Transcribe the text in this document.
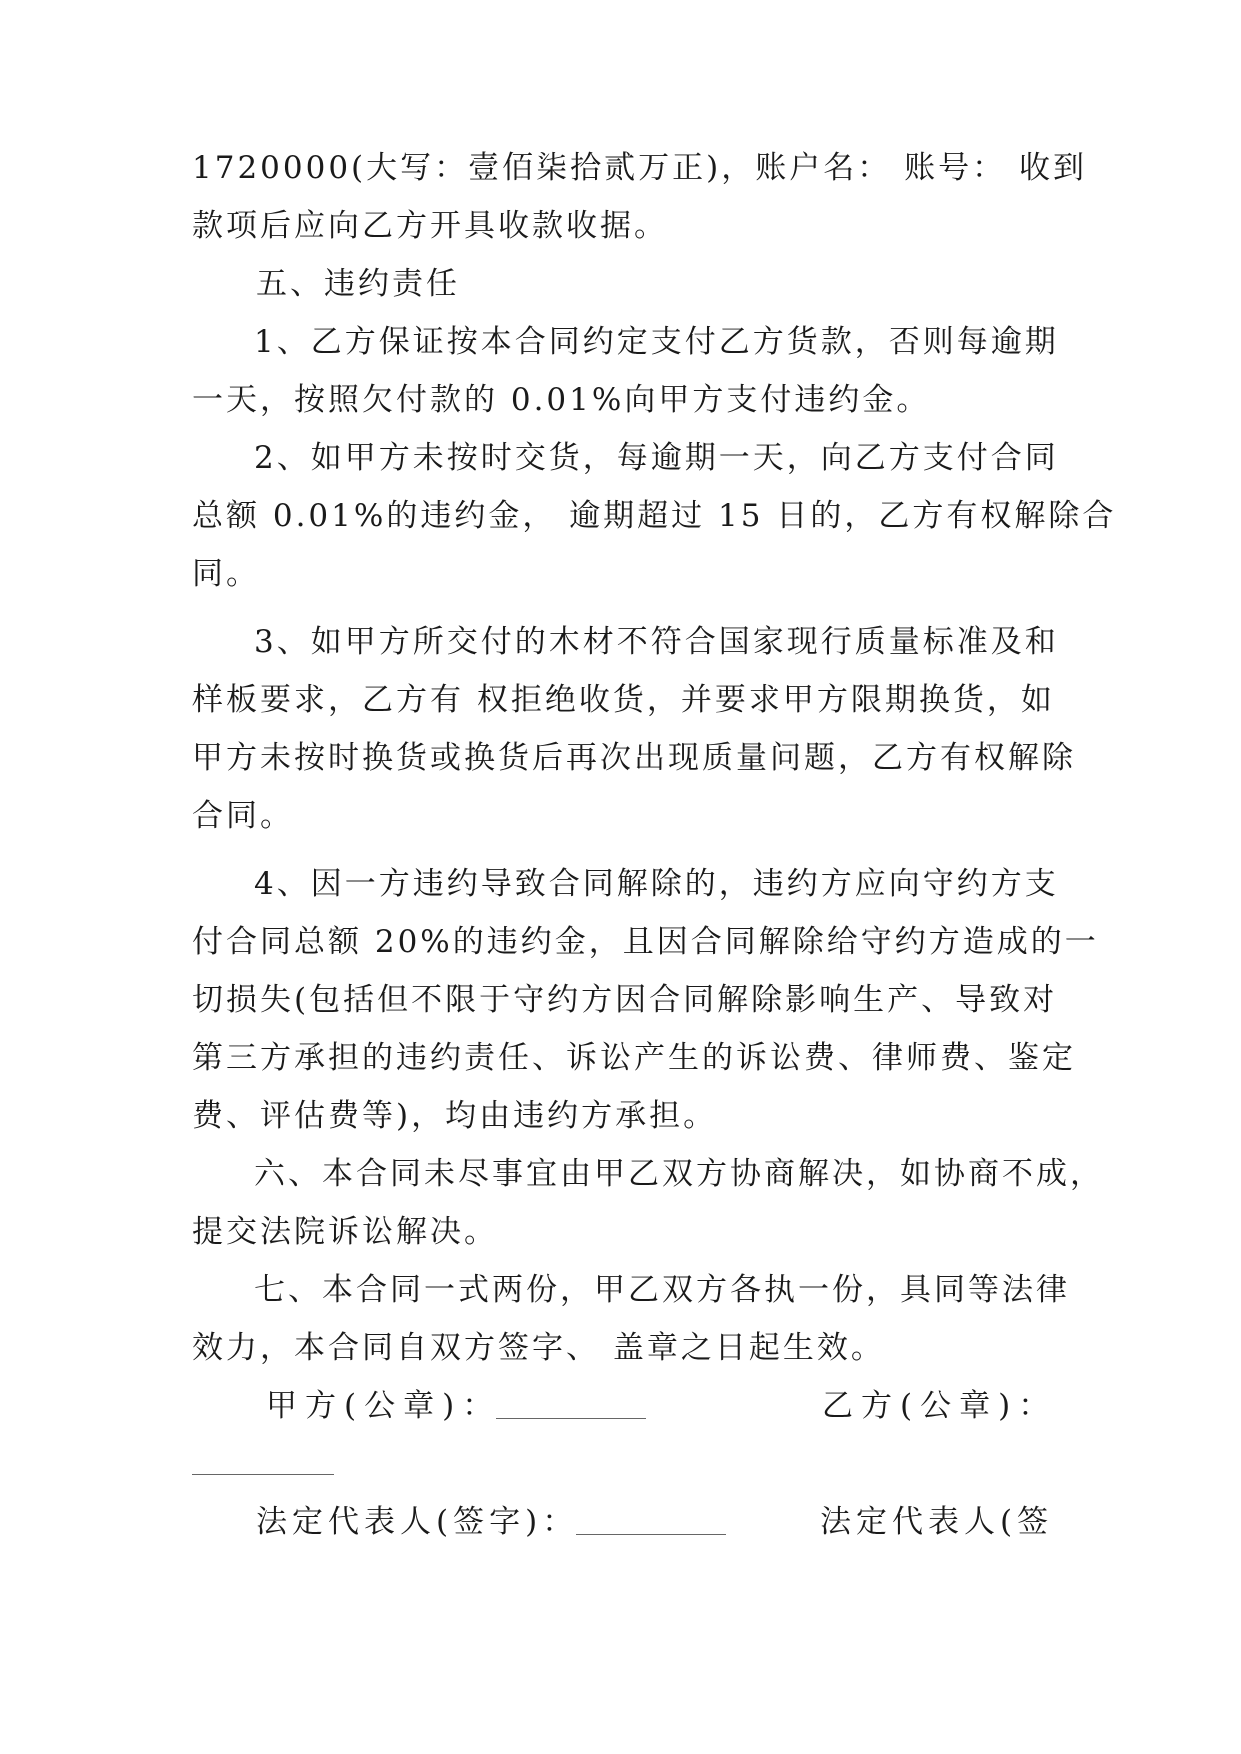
1720000(大写：壹佰柒拾贰万正)，账户名： 账号： 收到
款项后应向乙方开具收款收据。
五、违约责任
1、乙方保证按本合同约定支付乙方货款，否则每逾期
一天，按照欠付款的 0.01%向甲方支付违约金。
2、如甲方未按时交货，每逾期一天，向乙方支付合同
总额 0.01%的违约金， 逾期超过 15 日的，乙方有权解除合
同。
3、如甲方所交付的木材不符合国家现行质量标准及和
样板要求，乙方有 权拒绝收货，并要求甲方限期换货，如
甲方未按时换货或换货后再次出现质量问题，乙方有权解除
合同。
4、因一方违约导致合同解除的，违约方应向守约方支
付合同总额 20%的违约金，且因合同解除给守约方造成的一
切损失(包括但不限于守约方因合同解除影响生产、导致对
第三方承担的违约责任、诉讼产生的诉讼费、律师费、鉴定
费、评估费等)，均由违约方承担。
六、本合同未尽事宜由甲乙双方协商解决，如协商不成，
提交法院诉讼解决。
七、本合同一式两份，甲乙双方各执一份，具同等法律
效力，本合同自双方签字、 盖章之日起生效。
甲方(公章)：	乙方(公章)：
法定代表人(签字)：	法定代表人(签
